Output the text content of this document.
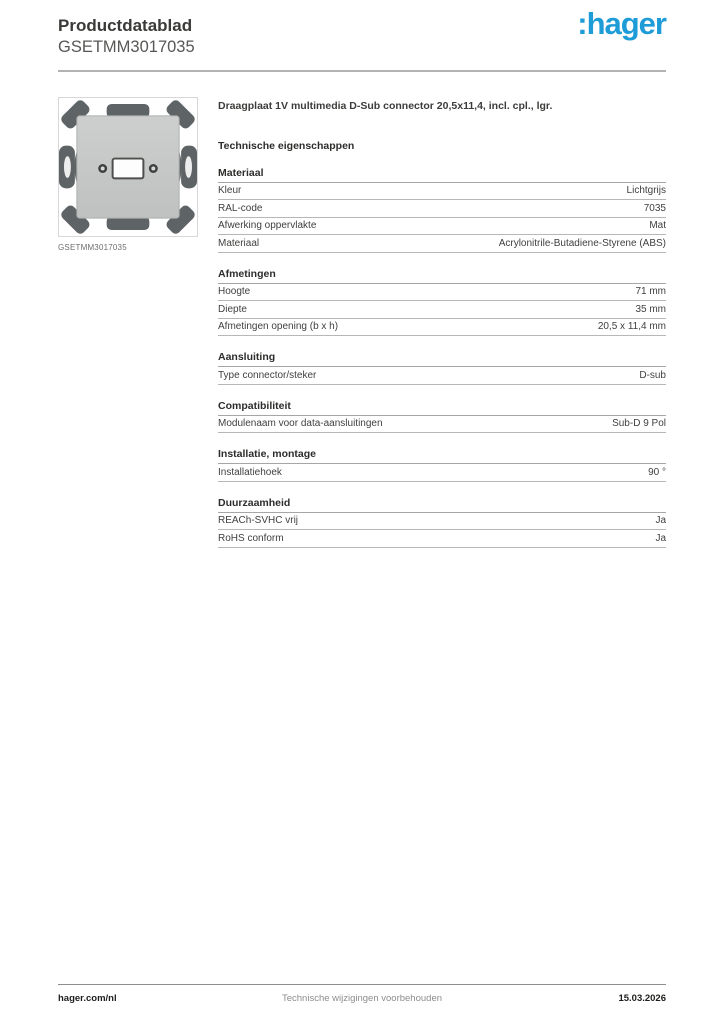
Productdatablad
GSETMM3017035
:hager
GSETMM3017035
Draagplaat 1V multimedia D-Sub connector 20,5x11,4, incl. cpl., lgr.
Technische eigenschappen
Materiaal
Kleur	Lichtgrijs
RAL-code	7035
Afwerking oppervlakte	Mat
Materiaal	Acrylonitrile-Butadiene-Styrene (ABS)
Afmetingen
Hoogte	71 mm
Diepte	35 mm
Afmetingen opening (b x h)	20,5 x 11,4 mm
Aansluiting
Type connector/steker	D-sub
Compatibiliteit
Modulenaam voor data-aansluitingen	Sub-D 9 Pol
Installatie, montage
Installatiehoek	90 °
Duurzaamheid
REACh-SVHC vrij	Ja
RoHS conform	Ja
hager.com/nl	Technische wijzigingen voorbehouden	15.03.2026
